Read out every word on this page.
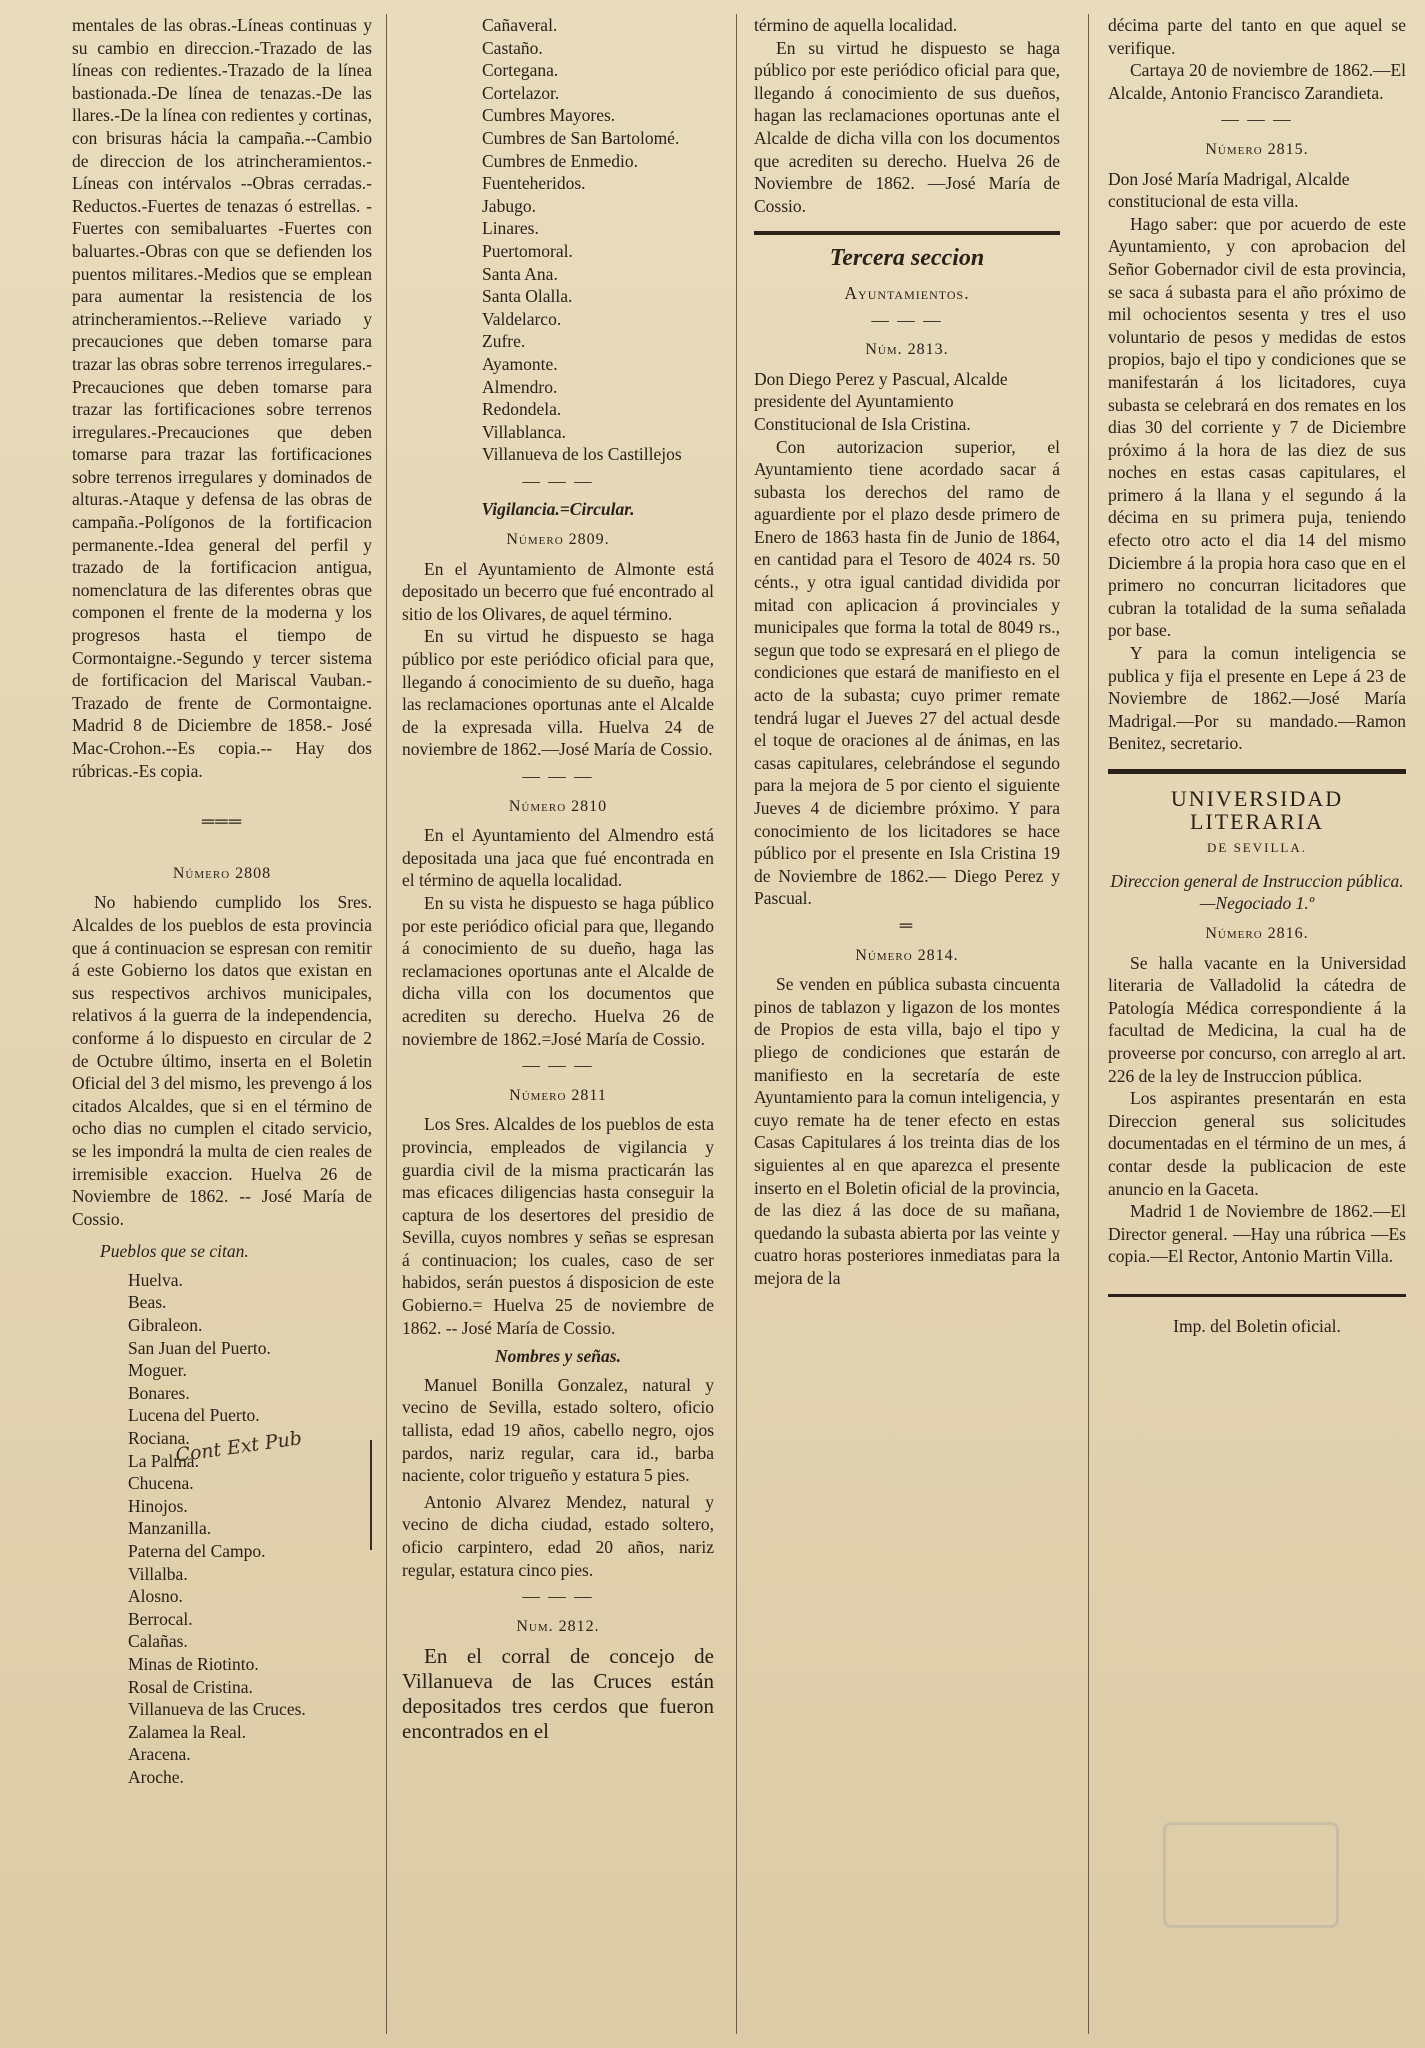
mentales de las obras.-Líneas continuas y su cambio en direccion.-Trazado de las líneas con redientes.-Trazado de la línea bastionada.-De línea de tenazas.-De las llares.-De la línea con redientes y cortinas, con brisuras hácia la campaña.--Cambio de direccion de los atrincheramientos.-Líneas con intérvalos --Obras cerradas.-Reductos.-Fuertes de tenazas ó estrellas. -Fuertes con semibaluartes -Fuertes con baluartes.-Obras con que se defienden los puentos militares.-Medios que se emplean para aumentar la resistencia de los atrincheramientos.--Relieve variado y precauciones que deben tomarse para trazar las obras sobre terrenos irregulares.-Precauciones que deben tomarse para trazar las fortificaciones sobre terrenos irregulares.-Precauciones que deben tomarse para trazar las fortificaciones sobre terrenos irregulares y dominados de alturas.-Ataque y defensa de las obras de campaña.-Polígonos de la fortificacion permanente.-Idea general del perfil y trazado de la fortificacion antigua, nomenclatura de las diferentes obras que componen el frente de la moderna y los progresos hasta el tiempo de Cormontaigne.-Segundo y tercer sistema de fortificacion del Mariscal Vauban.-Trazado de frente de Cormontaigne. Madrid 8 de Diciembre de 1858.- José Mac-Crohon.--Es copia.-- Hay dos rúbricas.-Es copia.

═══
Número 2808

No habiendo cumplido los Sres. Alcaldes de los pueblos de esta provincia que á continuacion se espresan con remitir á este Gobierno los datos que existan en sus respectivos archivos municipales, relativos á la guerra de la independencia, conforme á lo dispuesto en circular de 2 de Octubre último, inserta en el Boletin Oficial del 3 del mismo, les prevengo á los citados Alcaldes, que si en el término de ocho dias no cumplen el citado servicio, se les impondrá la multa de cien reales de irremisible exaccion. Huelva 26 de Noviembre de 1862. -- José María de Cossio.

Pueblos que se citan.
Huelva.
Beas.
Gibraleon.
San Juan del Puerto.
Moguer.
Bonares.
Lucena del Puerto.
Rociana.
La Palma.
Chucena.
Hinojos.
Manzanilla.
Paterna del Campo.
Villalba.
Alosno.
Berrocal.
Calañas.
Minas de Riotinto.
Rosal de Cristina.
Villanueva de las Cruces.
Zalamea la Real.
Aracena.
Aroche.
Cont Ext Pub
Cañaveral.
Castaño.
Cortegana.
Cortelazor.
Cumbres Mayores.
Cumbres de San Bartolomé.
Cumbres de Enmedio.
Fuenteheridos.
Jabugo.
Linares.
Puertomoral.
Santa Ana.
Santa Olalla.
Valdelarco.
Zufre.
Ayamonte.
Almendro.
Redondela.
Villablanca.
Villanueva de los Castillejos
— — —
Vigilancia.=Circular.
Número 2809.

En el Ayuntamiento de Almonte está depositado un becerro que fué encontrado al sitio de los Olivares, de aquel término.

En su virtud he dispuesto se haga público por este periódico oficial para que, llegando á conocimiento de su dueño, haga las reclamaciones oportunas ante el Alcalde de la expresada villa. Huelva 24 de noviembre de 1862.—José María de Cossio.

— — —
Número 2810

En el Ayuntamiento del Almendro está depositada una jaca que fué encontrada en el término de aquella localidad.

En su vista he dispuesto se haga público por este periódico oficial para que, llegando á conocimiento de su dueño, haga las reclamaciones oportunas ante el Alcalde de dicha villa con los documentos que acrediten su derecho. Huelva 26 de noviembre de 1862.=José María de Cossio.

— — —
Número 2811

Los Sres. Alcaldes de los pueblos de esta provincia, empleados de vigilancia y guardia civil de la misma practicarán las mas eficaces diligencias hasta conseguir la captura de los desertores del presidio de Sevilla, cuyos nombres y señas se espresan á continuacion; los cuales, caso de ser habidos, serán puestos á disposicion de este Gobierno.= Huelva 25 de noviembre de 1862. -- José María de Cossio.

Nombres y señas.

Manuel Bonilla Gonzalez, natural y vecino de Sevilla, estado soltero, oficio tallista, edad 19 años, cabello negro, ojos pardos, nariz regular, cara id., barba naciente, color trigueño y estatura 5 pies.

Antonio Alvarez Mendez, natural y vecino de dicha ciudad, estado soltero, oficio carpintero, edad 20 años, nariz regular, estatura cinco pies.

— — —
Num. 2812.

En el corral de concejo de Villanueva de las Cruces están depositados tres cerdos que fueron encontrados en el

término de aquella localidad.

En su virtud he dispuesto se haga público por este periódico oficial para que, llegando á conocimiento de sus dueños, hagan las reclamaciones oportunas ante el Alcalde de dicha villa con los documentos que acrediten su derecho. Huelva 26 de Noviembre de 1862. —José María de Cossio.

Tercera seccion
Ayuntamientos.
— — —
Núm. 2813.

Don Diego Perez y Pascual, Alcalde presidente del Ayuntamiento Constitucional de Isla Cristina.

Con autorizacion superior, el Ayuntamiento tiene acordado sacar á subasta los derechos del ramo de aguardiente por el plazo desde primero de Enero de 1863 hasta fin de Junio de 1864, en cantidad para el Tesoro de 4024 rs. 50 cénts., y otra igual cantidad dividida por mitad con aplicacion á provinciales y municipales que forma la total de 8049 rs., segun que todo se expresará en el pliego de condiciones que estará de manifiesto en el acto de la subasta; cuyo primer remate tendrá lugar el Jueves 27 del actual desde el toque de oraciones al de ánimas, en las casas capitulares, celebrándose el segundo para la mejora de 5 por ciento el siguiente Jueves 4 de diciembre próximo. Y para conocimiento de los licitadores se hace público por el presente en Isla Cristina 19 de Noviembre de 1862.— Diego Perez y Pascual.

═
Número 2814.

Se venden en pública subasta cincuenta pinos de tablazon y ligazon de los montes de Propios de esta villa, bajo el tipo y pliego de condiciones que estarán de manifiesto en la secretaría de este Ayuntamiento para la comun inteligencia, y cuyo remate ha de tener efecto en estas Casas Capitulares á los treinta dias de los siguientes al en que aparezca el presente inserto en el Boletin oficial de la provincia, de las diez á las doce de su mañana, quedando la subasta abierta por las veinte y cuatro horas posteriores inmediatas para la mejora de la

décima parte del tanto en que aquel se verifique.

Cartaya 20 de noviembre de 1862.—El Alcalde, Antonio Francisco Zarandieta.

— — —
Número 2815.

Don José María Madrigal, Alcalde constitucional de esta villa.

Hago saber: que por acuerdo de este Ayuntamiento, y con aprobacion del Señor Gobernador civil de esta provincia, se saca á subasta para el año próximo de mil ochocientos sesenta y tres el uso voluntario de pesos y medidas de estos propios, bajo el tipo y condiciones que se manifestarán á los licitadores, cuya subasta se celebrará en dos remates en los dias 30 del corriente y 7 de Diciembre próximo á la hora de las diez de sus noches en estas casas capitulares, el primero á la llana y el segundo á la décima en su primera puja, teniendo efecto otro acto el dia 14 del mismo Diciembre á la propia hora caso que en el primero no concurran licitadores que cubran la totalidad de la suma señalada por base.

Y para la comun inteligencia se publica y fija el presente en Lepe á 23 de Noviembre de 1862.—José María Madrigal.—Por su mandado.—Ramon Benitez, secretario.

UNIVERSIDAD LITERARIA
DE SEVILLA.
Direccion general de Instruccion pública.—Negociado 1.º
Número 2816.

Se halla vacante en la Universidad literaria de Valladolid la cátedra de Patología Médica correspondiente á la facultad de Medicina, la cual ha de proveerse por concurso, con arreglo al art. 226 de la ley de Instruccion pública.

Los aspirantes presentarán en esta Direccion general sus solicitudes documentadas en el término de un mes, á contar desde la publicacion de este anuncio en la Gaceta.

Madrid 1 de Noviembre de 1862.—El Director general. —Hay una rúbrica —Es copia.—El Rector, Antonio Martin Villa.

Imp. del Boletin oficial.
